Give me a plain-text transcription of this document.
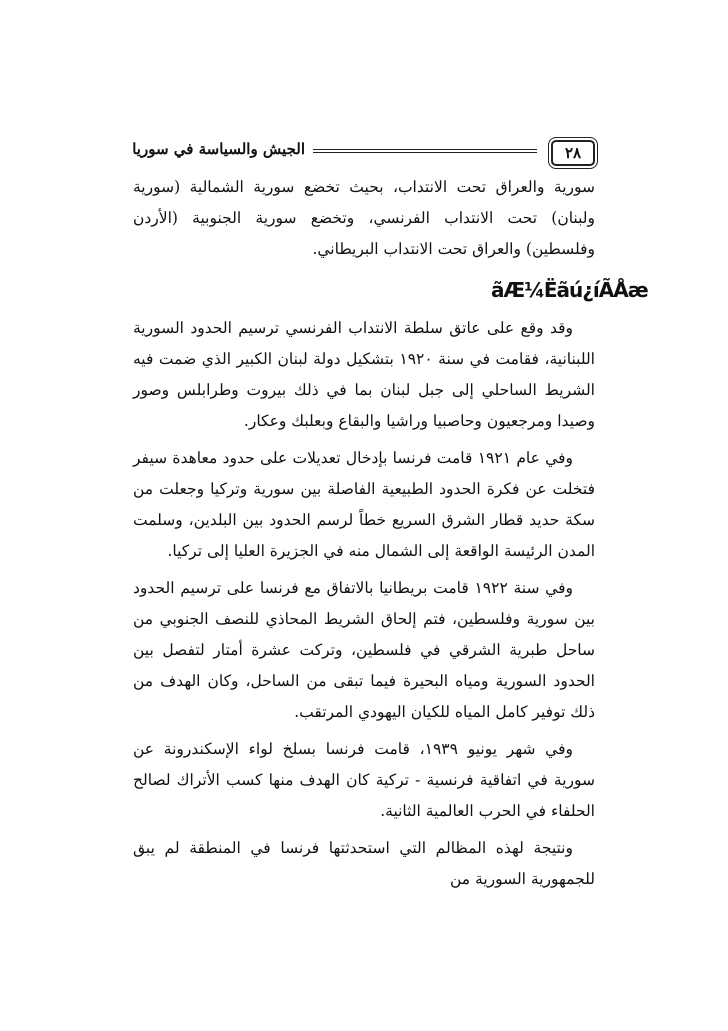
٢٨
الجيش والسياسة في سوريا

سورية والعراق تحت الانتداب، بحيث تخضع سورية الشمالية (سورية ولبنان) تحت الانتداب الفرنسي، وتخضع سورية الجنوبية (الأردن وفلسطين) والعراق تحت الانتداب البريطاني.

ãÆ¼Ëãú¿íÃÅæ

وقد وقع على عاتق سلطة الانتداب الفرنسي ترسيم الحدود السورية اللبنانية، فقامت في سنة ١٩٢٠ بتشكيل دولة لبنان الكبير الذي ضمت فيه الشريط الساحلي إلى جبل لبنان بما في ذلك بيروت وطرابلس وصور وصيدا ومرجعيون وحاصبيا وراشيا والبقاع وبعلبك وعكار.

وفي عام ١٩٢١ قامت فرنسا بإدخال تعديلات على حدود معاهدة سيفر فتخلت عن فكرة الحدود الطبيعية الفاصلة بين سورية وتركيا وجعلت من سكة حديد قطار الشرق السريع خطاً لرسم الحدود بين البلدين، وسلمت المدن الرئيسة الواقعة إلى الشمال منه في الجزيرة العليا إلى تركيا.

وفي سنة ١٩٢٢ قامت بريطانيا بالاتفاق مع فرنسا على ترسيم الحدود بين سورية وفلسطين، فتم إلحاق الشريط المحاذي للنصف الجنوبي من ساحل طبرية الشرقي في فلسطين، وتركت عشرة أمتار لتفصل بين الحدود السورية ومياه البحيرة فيما تبقى من الساحل، وكان الهدف من ذلك توفير كامل المياه للكيان اليهودي المرتقب.

وفي شهر يونيو ١٩٣٩، قامت فرنسا بسلخ لواء الإسكندرونة عن سورية في اتفاقية فرنسية - تركية كان الهدف منها كسب الأتراك لصالح الحلفاء في الحرب العالمية الثانية.

ونتيجة لهذه المظالم التي استحدثتها فرنسا في المنطقة لم يبق للجمهورية السورية من
